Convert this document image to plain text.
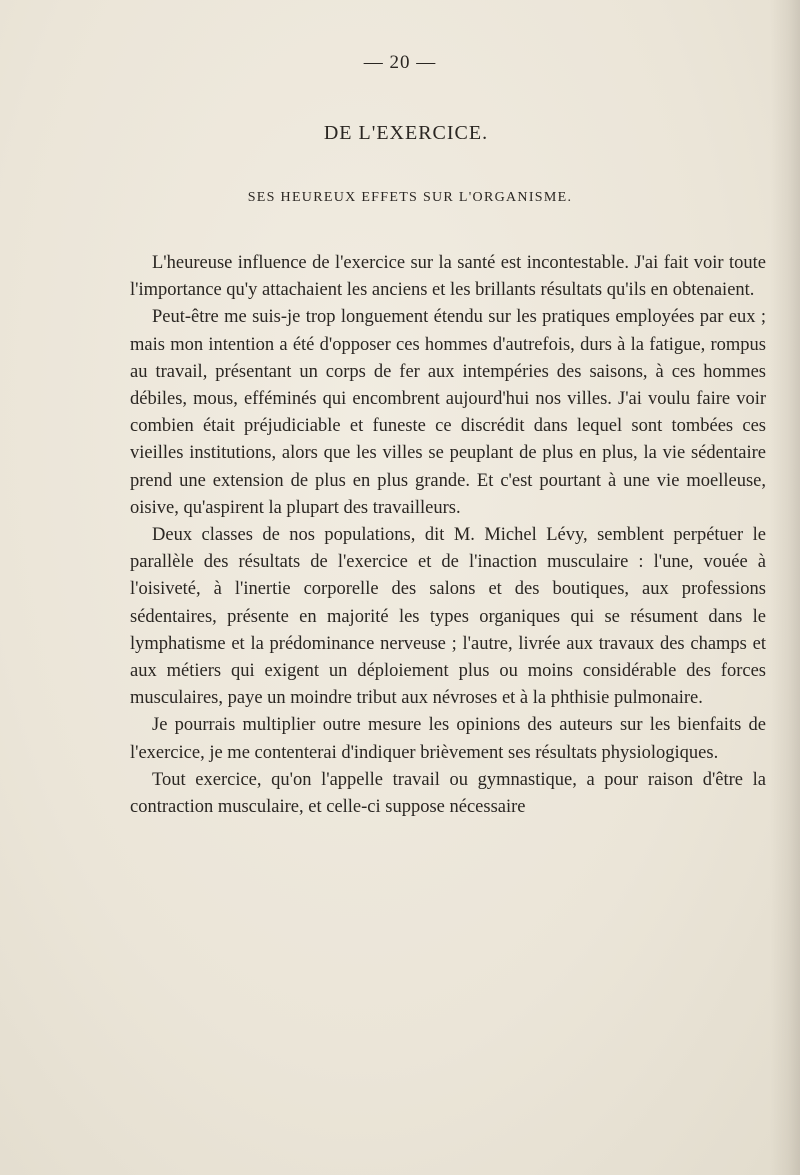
— 20 —
DE L'EXERCICE.
SES HEUREUX EFFETS SUR L'ORGANISME.

L'heureuse influence de l'exercice sur la santé est incontestable. J'ai fait voir toute l'importance qu'y attachaient les anciens et les brillants résultats qu'ils en obtenaient.

Peut-être me suis-je trop longuement étendu sur les pratiques employées par eux ; mais mon intention a été d'opposer ces hommes d'autrefois, durs à la fatigue, rompus au travail, présentant un corps de fer aux intempéries des saisons, à ces hommes débiles, mous, efféminés qui encombrent aujourd'hui nos villes. J'ai voulu faire voir combien était préjudiciable et funeste ce discrédit dans lequel sont tombées ces vieilles institutions, alors que les villes se peuplant de plus en plus, la vie sédentaire prend une extension de plus en plus grande. Et c'est pourtant à une vie moelleuse, oisive, qu'aspirent la plupart des travailleurs.

Deux classes de nos populations, dit M. Michel Lévy, semblent perpétuer le parallèle des résultats de l'exercice et de l'inaction musculaire : l'une, vouée à l'oisiveté, à l'inertie corporelle des salons et des boutiques, aux professions sédentaires, présente en majorité les types organiques qui se résument dans le lymphatisme et la prédominance nerveuse ; l'autre, livrée aux travaux des champs et aux métiers qui exigent un déploiement plus ou moins considérable des forces musculaires, paye un moindre tribut aux névroses et à la phthisie pulmonaire.

Je pourrais multiplier outre mesure les opinions des auteurs sur les bienfaits de l'exercice, je me contenterai d'indiquer brièvement ses résultats physiologiques.

Tout exercice, qu'on l'appelle travail ou gymnastique, a pour raison d'être la contraction musculaire, et celle-ci suppose nécessaire
